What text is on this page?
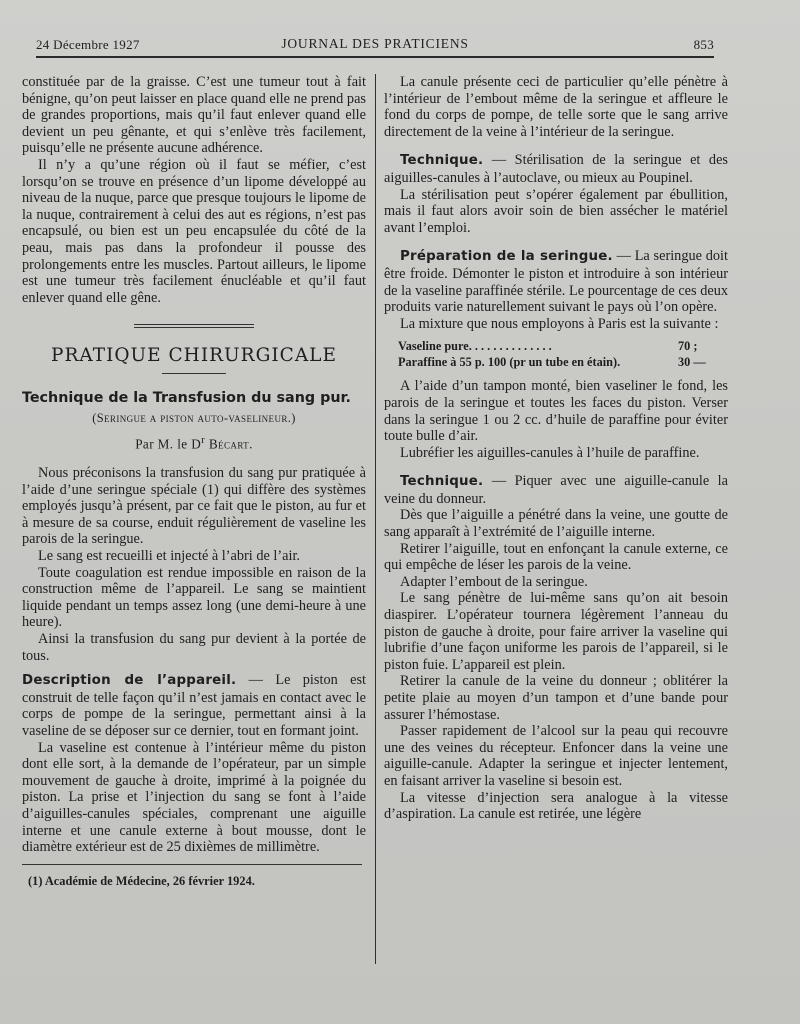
24 Décembre 1927	JOURNAL DES PRATICIENS	853

constituée par de la graisse. C’est une tumeur tout à fait bénigne, qu’on peut laisser en place quand elle ne prend pas de grandes proportions, mais qu’il faut enlever quand elle devient un peu gênante, et qui s’enlève très facilement, puisqu’elle ne présente aucune adhérence.

Il n’y a qu’une région où il faut se méfier, c’est lorsqu’on se trouve en présence d’un lipome développé au niveau de la nuque, parce que presque toujours le lipome de la nuque, contrairement à celui des aut es régions, n’est pas encapsulé, ou bien est un peu encapsulée du côté de la peau, mais pas dans la profondeur il pousse des prolongements entre les muscles. Partout ailleurs, le lipome est une tumeur très facilement énucléable et qu’il faut enlever quand elle gêne.

PRATIQUE CHIRURGICALE
Technique de la Transfusion du sang pur.
(Seringue a piston auto-vaselineur.)
Par M. le $D^r$ Bécart.

Nous préconisons la transfusion du sang pur pratiquée à l’aide d’une seringue spéciale (1) qui diffère des systèmes employés jusqu’à présent, par ce fait que le piston, au fur et à mesure de sa course, enduit régulièrement de vaseline les parois de la seringue.

Le sang est recueilli et injecté à l’abri de l’air.

Toute coagulation est rendue impossible en raison de la construction même de l’appareil. Le sang se maintient liquide pendant un temps assez long (une demi-heure à une heure).

Ainsi la transfusion du sang pur devient à la portée de tous.

Description de l’appareil. — Le piston est construit de telle façon qu’il n’est jamais en contact avec le corps de pompe de la seringue, permettant ainsi à la vaseline de se déposer sur ce dernier, tout en formant joint.

La vaseline est contenue à l’intérieur même du piston dont elle sort, à la demande de l’opérateur, par un simple mouvement de gauche à droite, imprimé à la poignée du piston. La prise et l’injection du sang se font à l’aide d’aiguilles-canules spéciales, comprenant une aiguille interne et une canule externe à bout mousse, dont le diamètre extérieur est de 25 dixièmes de millimètre.

(1) Académie de Médecine, 26 février 1924.

La canule présente ceci de particulier qu’elle pénètre à l’intérieur de l’embout même de la seringue et affleure le fond du corps de pompe, de telle sorte que le sang arrive directement de la veine à l’intérieur de la seringue.

Technique. — Stérilisation de la seringue et des aiguilles-canules à l’autoclave, ou mieux au Poupinel.

La stérilisation peut s’opérer également par ébullition, mais il faut alors avoir soin de bien assécher le matériel avant l’emploi.

Préparation de la seringue. — La seringue doit être froide. Démonter le piston et introduire à son intérieur de la vaseline paraffinée stérile. Le pourcentage de ces deux produits varie naturellement suivant le pays où l’on opère.

La mixture que nous employons à Paris est la suivante :

Vaseline pure. . . . . . . . . . . . . .	70 ;
Paraffine à 55 p. 100 (pr un tube en étain).	30 —

A l’aide d’un tampon monté, bien vaseliner le fond, les parois de la seringue et toutes les faces du piston. Verser dans la seringue 1 ou 2 cc. d’huile de paraffine pour éviter toute bulle d’air.

Lubréfier les aiguilles-canules à l’huile de paraffine.

Technique. — Piquer avec une aiguille-canule la veine du donneur.

Dès que l’aiguille a pénétré dans la veine, une goutte de sang apparaît à l’extrémité de l’aiguille interne.

Retirer l’aiguille, tout en enfonçant la canule externe, ce qui empêche de léser les parois de la veine.

Adapter l’embout de la seringue.

Le sang pénètre de lui-même sans qu’on ait besoin diaspirer. L’opérateur tournera légèrement l’anneau du piston de gauche à droite, pour faire arriver la vaseline qui lubrifie d’une façon uniforme les parois de l’appareil, si le piston fuie. L’appareil est plein.

Retirer la canule de la veine du donneur ; oblitérer la petite plaie au moyen d’un tampon et d’une bande pour assurer l’hémostase.

Passer rapidement de l’alcool sur la peau qui recouvre une des veines du récepteur. Enfoncer dans la veine une aiguille-canule. Adapter la seringue et injecter lentement, en faisant arriver la vaseline si besoin est.

La vitesse d’injection sera analogue à la vitesse d’aspiration. La canule est retirée, une légère
